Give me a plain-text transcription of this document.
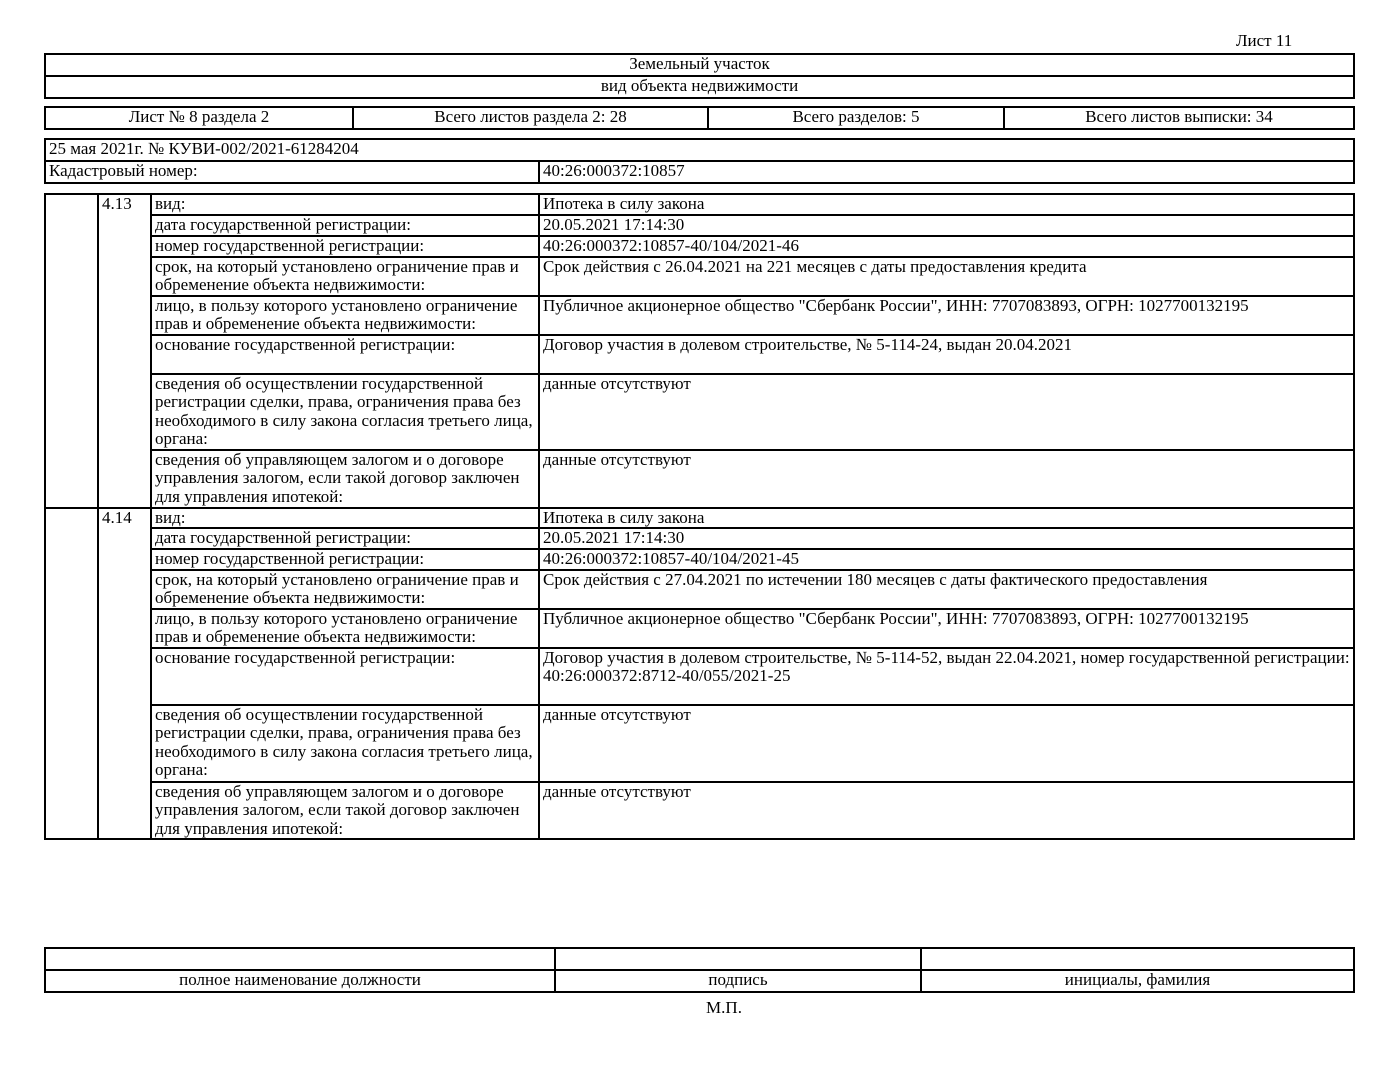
Лист 11
Земельный участок
вид объекта недвижимости
Лист № 8 раздела 2	Всего листов раздела 2: 28	Всего разделов: 5	Всего листов выписки: 34
25 мая 2021г. № КУВИ-002/2021-61284204
Кадастровый номер:	40:26:000372:10857
	4.13	вид:	Ипотека в силу закона
		дата государственной регистрации:	20.05.2021 17:14:30
		номер государственной регистрации:	40:26:000372:10857-40/104/2021-46
		срок, на который установлено ограничение прав и обременение объекта недвижимости:	Срок действия с 26.04.2021 на 221 месяцев с даты предоставления кредита
		лицо, в пользу которого установлено ограничение прав и обременение объекта недвижимости:	Публичное акционерное общество "Сбербанк России", ИНН: 7707083893, ОГРН: 1027700132195
		основание государственной регистрации:	Договор участия в долевом строительстве, № 5-114-24, выдан 20.04.2021
		сведения об осуществлении государственной регистрации сделки, права, ограничения права без необходимого в силу закона согласия третьего лица, органа:	данные отсутствуют
		сведения об управляющем залогом и о договоре управления залогом, если такой договор заключен для управления ипотекой:	данные отсутствуют
	4.14	вид:	Ипотека в силу закона
		дата государственной регистрации:	20.05.2021 17:14:30
		номер государственной регистрации:	40:26:000372:10857-40/104/2021-45
		срок, на который установлено ограничение прав и обременение объекта недвижимости:	Срок действия с 27.04.2021 по истечении 180 месяцев с даты фактического предоставления
		лицо, в пользу которого установлено ограничение прав и обременение объекта недвижимости:	Публичное акционерное общество "Сбербанк России", ИНН: 7707083893, ОГРН: 1027700132195
		основание государственной регистрации:	Договор участия в долевом строительстве, № 5-114-52, выдан 22.04.2021, номер государственной регистрации: 40:26:000372:8712-40/055/2021-25
		сведения об осуществлении государственной регистрации сделки, права, ограничения права без необходимого в силу закона согласия третьего лица, органа:	данные отсутствуют
		сведения об управляющем залогом и о договоре управления залогом, если такой договор заключен для управления ипотекой:	данные отсутствуют

полное наименование должности	подпись	инициалы, фамилия
М.П.
